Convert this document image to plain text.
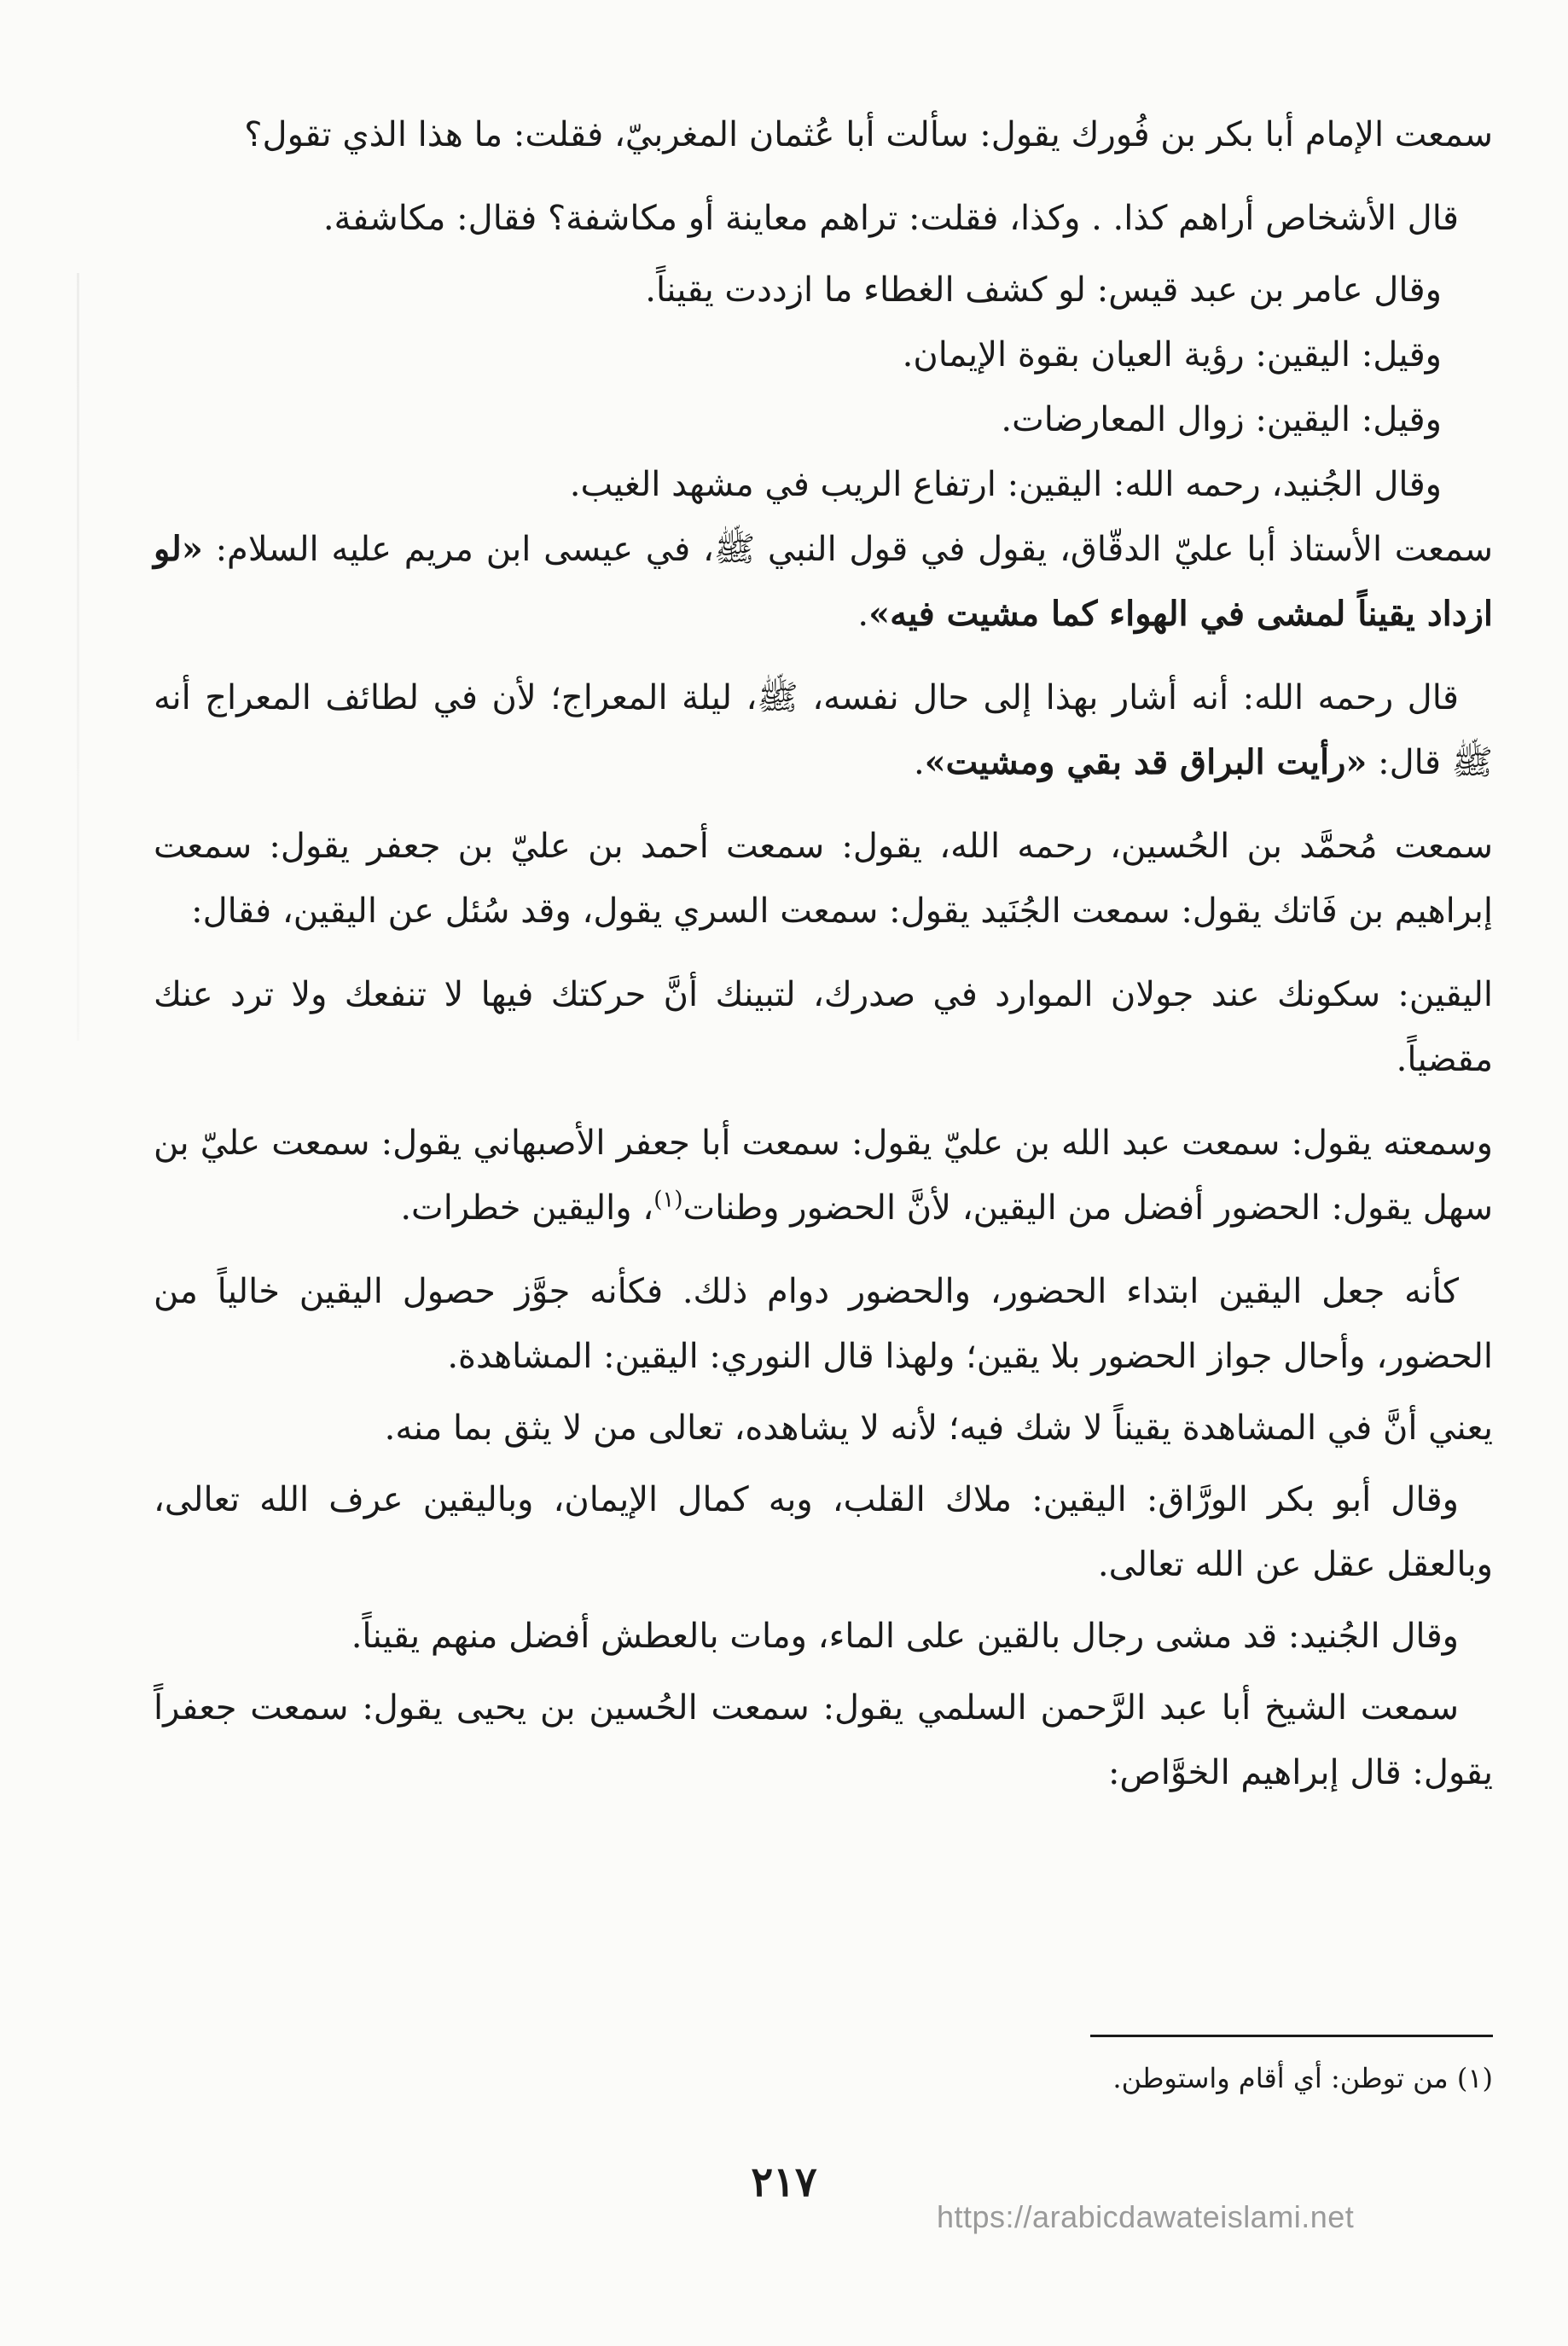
سمعت الإمام أبا بكر بن فُورك يقول: سألت أبا عُثمان المغربيّ، فقلت: ما هذا الذي تقول؟

قال الأشخاص أراهم كذا. . وكذا، فقلت: تراهم معاينة أو مكاشفة؟ فقال: مكاشفة.

وقال عامر بن عبد قيس: لو كشف الغطاء ما ازددت يقيناً.

وقيل: اليقين: رؤية العيان بقوة الإيمان.

وقيل: اليقين: زوال المعارضات.

وقال الجُنيد، رحمه الله: اليقين: ارتفاع الريب في مشهد الغيب.

سمعت الأستاذ أبا عليّ الدقّاق، يقول في قول النبي ﷺ، في عيسى ابن مريم عليه السلام: «لو ازداد يقيناً لمشى في الهواء كما مشيت فيه».

قال رحمه الله: أنه أشار بهذا إلى حال نفسه، ﷺ، ليلة المعراج؛ لأن في لطائف المعراج أنه ﷺ قال: «رأيت البراق قد بقي ومشيت».

سمعت مُحمَّد بن الحُسين، رحمه الله، يقول: سمعت أحمد بن عليّ بن جعفر يقول: سمعت إبراهيم بن فَاتك يقول: سمعت الجُنَيد يقول: سمعت السري يقول، وقد سُئل عن اليقين، فقال:

اليقين: سكونك عند جولان الموارد في صدرك، لتبينك أنَّ حركتك فيها لا تنفعك ولا ترد عنك مقضياً.

وسمعته يقول: سمعت عبد الله بن عليّ يقول: سمعت أبا جعفر الأصبهاني يقول: سمعت عليّ بن سهل يقول: الحضور أفضل من اليقين، لأنَّ الحضور وطنات$^{(١)}$، واليقين خطرات.

كأنه جعل اليقين ابتداء الحضور، والحضور دوام ذلك. فكأنه جوَّز حصول اليقين خالياً من الحضور، وأحال جواز الحضور بلا يقين؛ ولهذا قال النوري: اليقين: المشاهدة.

يعني أنَّ في المشاهدة يقيناً لا شك فيه؛ لأنه لا يشاهده، تعالى من لا يثق بما منه.

وقال أبو بكر الورَّاق: اليقين: ملاك القلب، وبه كمال الإيمان، وباليقين عرف الله تعالى، وبالعقل عقل عن الله تعالى.

وقال الجُنيد: قد مشى رجال بالقين على الماء، ومات بالعطش أفضل منهم يقيناً.

سمعت الشيخ أبا عبد الرَّحمن السلمي يقول: سمعت الحُسين بن يحيى يقول: سمعت جعفراً يقول: قال إبراهيم الخوَّاص:

(١) من توطن: أي أقام واستوطن.
٢١٧
https://arabicdawateislami.net
